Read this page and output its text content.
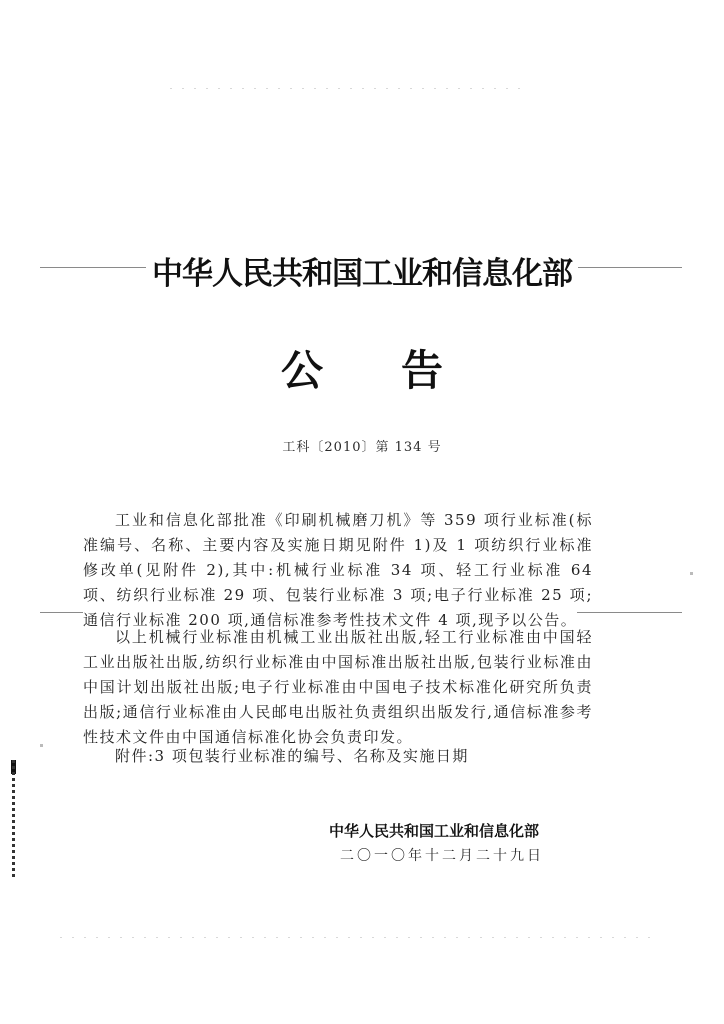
中华人民共和国工业和信息化部
公 告
工科〔2010〕第 134 号
工业和信息化部批准《印刷机械磨刀机》等 359 项行业标准(标准编号、名称、主要内容及实施日期见附件 1)及 1 项纺织行业标准修改单(见附件 2),其中:机械行业标准 34 项、轻工行业标准 64 项、纺织行业标准 29 项、包装行业标准 3 项;电子行业标准 25 项;通信行业标准 200 项,通信标准参考性技术文件 4 项,现予以公告。
以上机械行业标准由机械工业出版社出版,轻工行业标准由中国轻工业出版社出版,纺织行业标准由中国标准出版社出版,包装行业标准由中国计划出版社出版;电子行业标准由中国电子技术标准化研究所负责出版;通信行业标准由人民邮电出版社负责组织出版发行,通信标准参考性技术文件由中国通信标准化协会负责印发。
附件:3 项包装行业标准的编号、名称及实施日期
中华人民共和国工业和信息化部
二〇一〇年十二月二十九日
